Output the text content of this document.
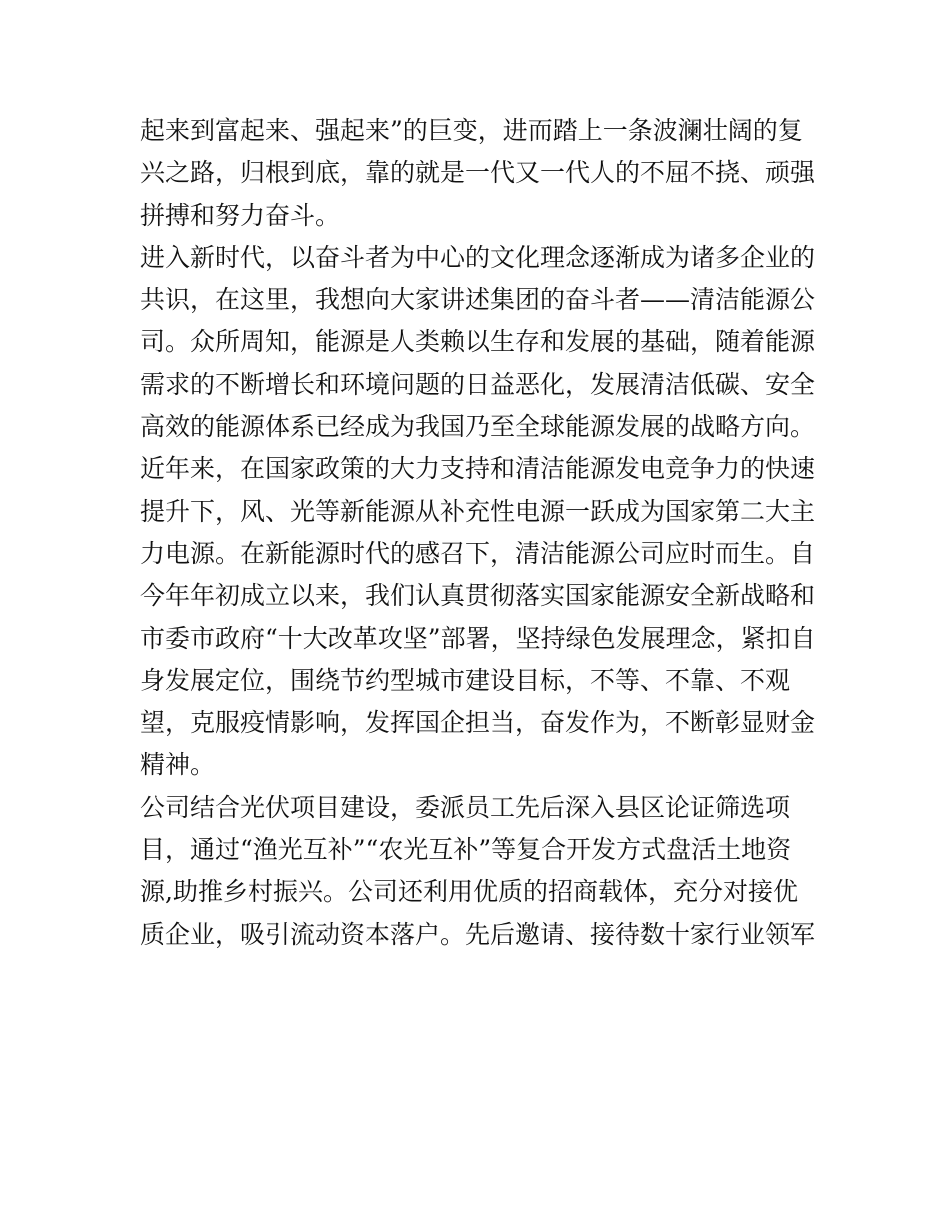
起来到富起来、强起来”的巨变，进而踏上一条波澜壮阔的复
兴之路，归根到底，靠的就是一代又一代人的不屈不挠、顽强
拼搏和努力奋斗。
进入新时代，以奋斗者为中心的文化理念逐渐成为诸多企业的
共识，在这里，我想向大家讲述集团的奋斗者——清洁能源公
司。众所周知，能源是人类赖以生存和发展的基础，随着能源
需求的不断增长和环境问题的日益恶化，发展清洁低碳、安全
高效的能源体系已经成为我国乃至全球能源发展的战略方向。
近年来，在国家政策的大力支持和清洁能源发电竞争力的快速
提升下，风、光等新能源从补充性电源一跃成为国家第二大主
力电源。在新能源时代的感召下，清洁能源公司应时而生。自
今年年初成立以来，我们认真贯彻落实国家能源安全新战略和
市委市政府“十大改革攻坚”部署，坚持绿色发展理念，紧扣自
身发展定位，围绕节约型城市建设目标，不等、不靠、不观
望，克服疫情影响，发挥国企担当，奋发作为，不断彰显财金
精神。
公司结合光伏项目建设，委派员工先后深入县区论证筛选项
目，通过“渔光互补”“农光互补”等复合开发方式盘活土地资
源,助推乡村振兴。公司还利用优质的招商载体，充分对接优
质企业，吸引流动资本落户。先后邀请、接待数十家行业领军
